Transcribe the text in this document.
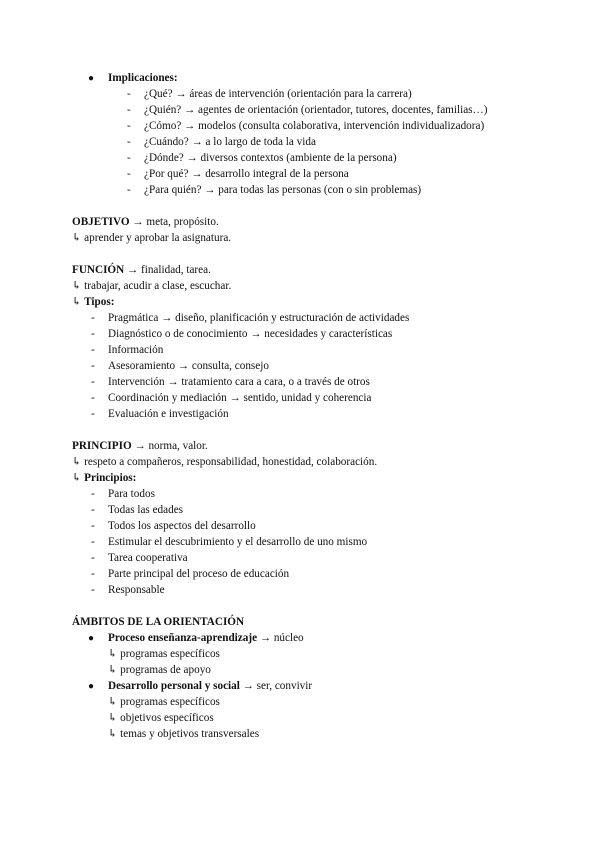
● Implicaciones:
- ¿Qué? → áreas de intervención (orientación para la carrera)
- ¿Quién? → agentes de orientación (orientador, tutores, docentes, familias…)
- ¿Cómo? → modelos (consulta colaborativa, intervención individualizadora)
- ¿Cuándo? → a lo largo de toda la vida
- ¿Dónde? → diversos contextos (ambiente de la persona)
- ¿Por qué? → desarrollo integral de la persona
- ¿Para quién? → para todas las personas (con o sin problemas)
OBJETIVO → meta, propósito.
↳ aprender y aprobar la asignatura.
FUNCIÓN → finalidad, tarea.
↳ trabajar, acudir a clase, escuchar.
↳ Tipos:
- Pragmática → diseño, planificación y estructuración de actividades
- Diagnóstico o de conocimiento → necesidades y características
- Información
- Asesoramiento → consulta, consejo
- Intervención → tratamiento cara a cara, o a través de otros
- Coordinación y mediación → sentido, unidad y coherencia
- Evaluación e investigación
PRINCIPIO → norma, valor.
↳ respeto a compañeros, responsabilidad, honestidad, colaboración.
↳ Principios:
- Para todos
- Todas las edades
- Todos los aspectos del desarrollo
- Estimular el descubrimiento y el desarrollo de uno mismo
- Tarea cooperativa
- Parte principal del proceso de educación
- Responsable
ÁMBITOS DE LA ORIENTACIÓN
● Proceso enseñanza-aprendizaje → núcleo
↳ programas específicos
↳ programas de apoyo
● Desarrollo personal y social → ser, convivir
↳ programas específicos
↳ objetivos específicos
↳ temas y objetivos transversales
